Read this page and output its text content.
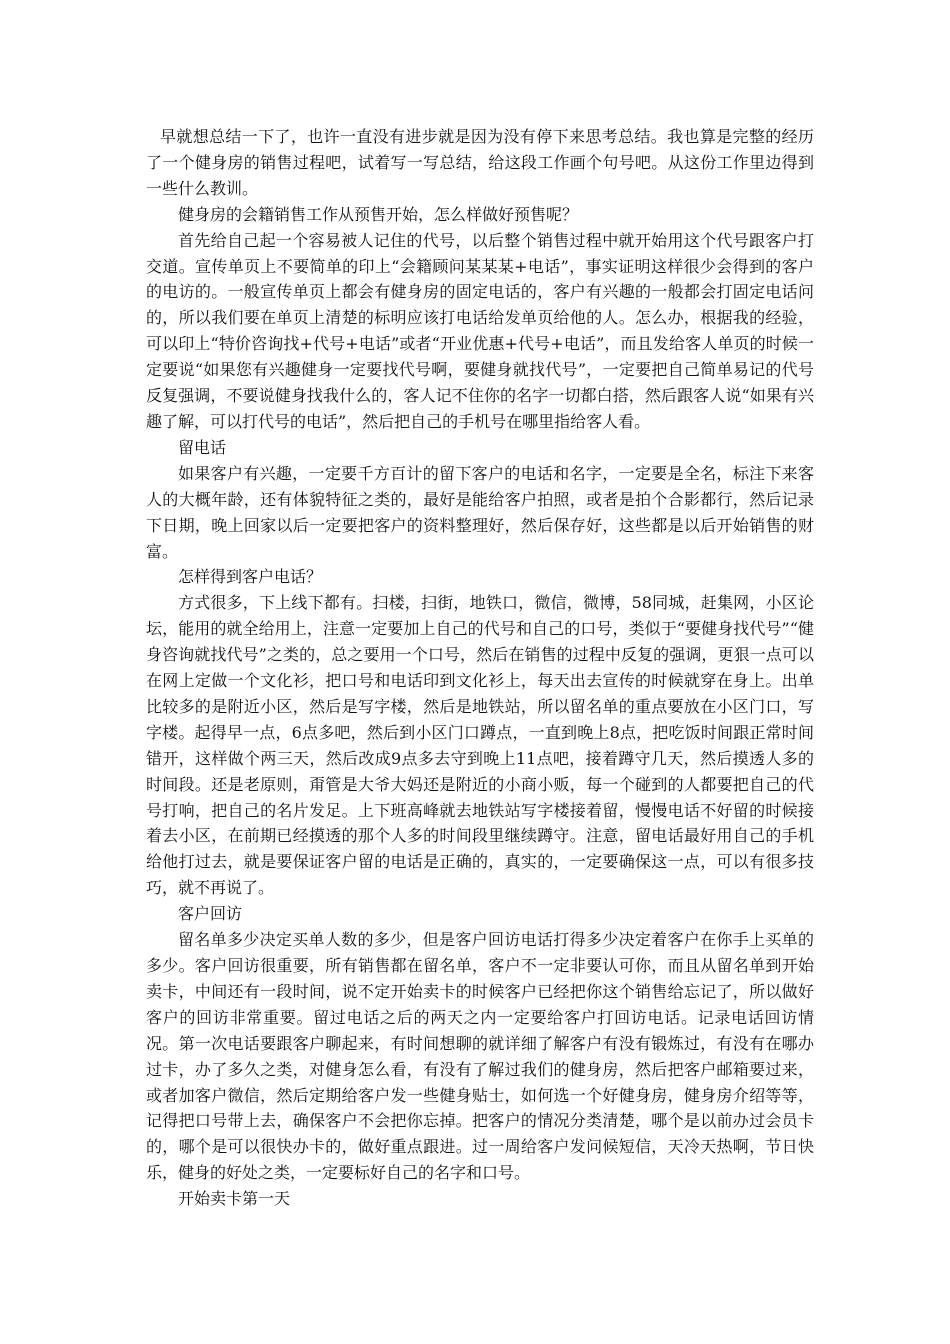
早就想总结一下了，也许一直没有进步就是因为没有停下来思考总结。我也算是完整的经历了一个健身房的销售过程吧，试着写一写总结，给这段工作画个句号吧。从这份工作里边得到一些什么教训。

健身房的会籍销售工作从预售开始，怎么样做好预售呢？

首先给自己起一个容易被人记住的代号，以后整个销售过程中就开始用这个代号跟客户打交道。宣传单页上不要简单的印上“会籍顾问某某某+电话”，事实证明这样很少会得到的客户的电访的。一般宣传单页上都会有健身房的固定电话的，客户有兴趣的一般都会打固定电话问的，所以我们要在单页上清楚的标明应该打电话给发单页给他的人。怎么办，根据我的经验，可以印上“特价咨询找+代号+电话”或者“开业优惠+代号+电话”，而且发给客人单页的时候一定要说“如果您有兴趣健身一定要找代号啊，要健身就找代号”，一定要把自己简单易记的代号反复强调，不要说健身找我什么的，客人记不住你的名字一切都白搭，然后跟客人说“如果有兴趣了解，可以打代号的电话”，然后把自己的手机号在哪里指给客人看。

留电话

如果客户有兴趣，一定要千方百计的留下客户的电话和名字，一定要是全名，标注下来客人的大概年龄，还有体貌特征之类的，最好是能给客户拍照，或者是拍个合影都行，然后记录下日期，晚上回家以后一定要把客户的资料整理好，然后保存好，这些都是以后开始销售的财富。

怎样得到客户电话？

方式很多，下上线下都有。扫楼，扫街，地铁口，微信，微博，58同城，赶集网，小区论坛，能用的就全给用上，注意一定要加上自己的代号和自己的口号，类似于“要健身找代号”“健身咨询就找代号”之类的，总之要用一个口号，然后在销售的过程中反复的强调，更狠一点可以在网上定做一个文化衫，把口号和电话印到文化衫上，每天出去宣传的时候就穿在身上。出单比较多的是附近小区，然后是写字楼，然后是地铁站，所以留名单的重点要放在小区门口，写字楼。起得早一点，6点多吧，然后到小区门口蹲点，一直到晚上8点，把吃饭时间跟正常时间错开，这样做个两三天，然后改成9点多去守到晚上11点吧，接着蹲守几天，然后摸透人多的时间段。还是老原则，甭管是大爷大妈还是附近的小商小贩，每一个碰到的人都要把自己的代号打响，把自己的名片发足。上下班高峰就去地铁站写字楼接着留，慢慢电话不好留的时候接着去小区，在前期已经摸透的那个人多的时间段里继续蹲守。注意，留电话最好用自己的手机给他打过去，就是要保证客户留的电话是正确的，真实的，一定要确保这一点，可以有很多技巧，就不再说了。

客户回访

留名单多少决定买单人数的多少，但是客户回访电话打得多少决定着客户在你手上买单的多少。客户回访很重要，所有销售都在留名单，客户不一定非要认可你，而且从留名单到开始卖卡，中间还有一段时间，说不定开始卖卡的时候客户已经把你这个销售给忘记了，所以做好客户的回访非常重要。留过电话之后的两天之内一定要给客户打回访电话。记录电话回访情况。第一次电话要跟客户聊起来，有时间想聊的就详细了解客户有没有锻炼过，有没有在哪办过卡，办了多久之类，对健身怎么看，有没有了解过我们的健身房，然后把客户邮箱要过来，或者加客户微信，然后定期给客户发一些健身贴士，如何选一个好健身房，健身房介绍等等，记得把口号带上去，确保客户不会把你忘掉。把客户的情况分类清楚，哪个是以前办过会员卡的，哪个是可以很快办卡的，做好重点跟进。过一周给客户发问候短信，天冷天热啊，节日快乐，健身的好处之类，一定要标好自己的名字和口号。

开始卖卡第一天
